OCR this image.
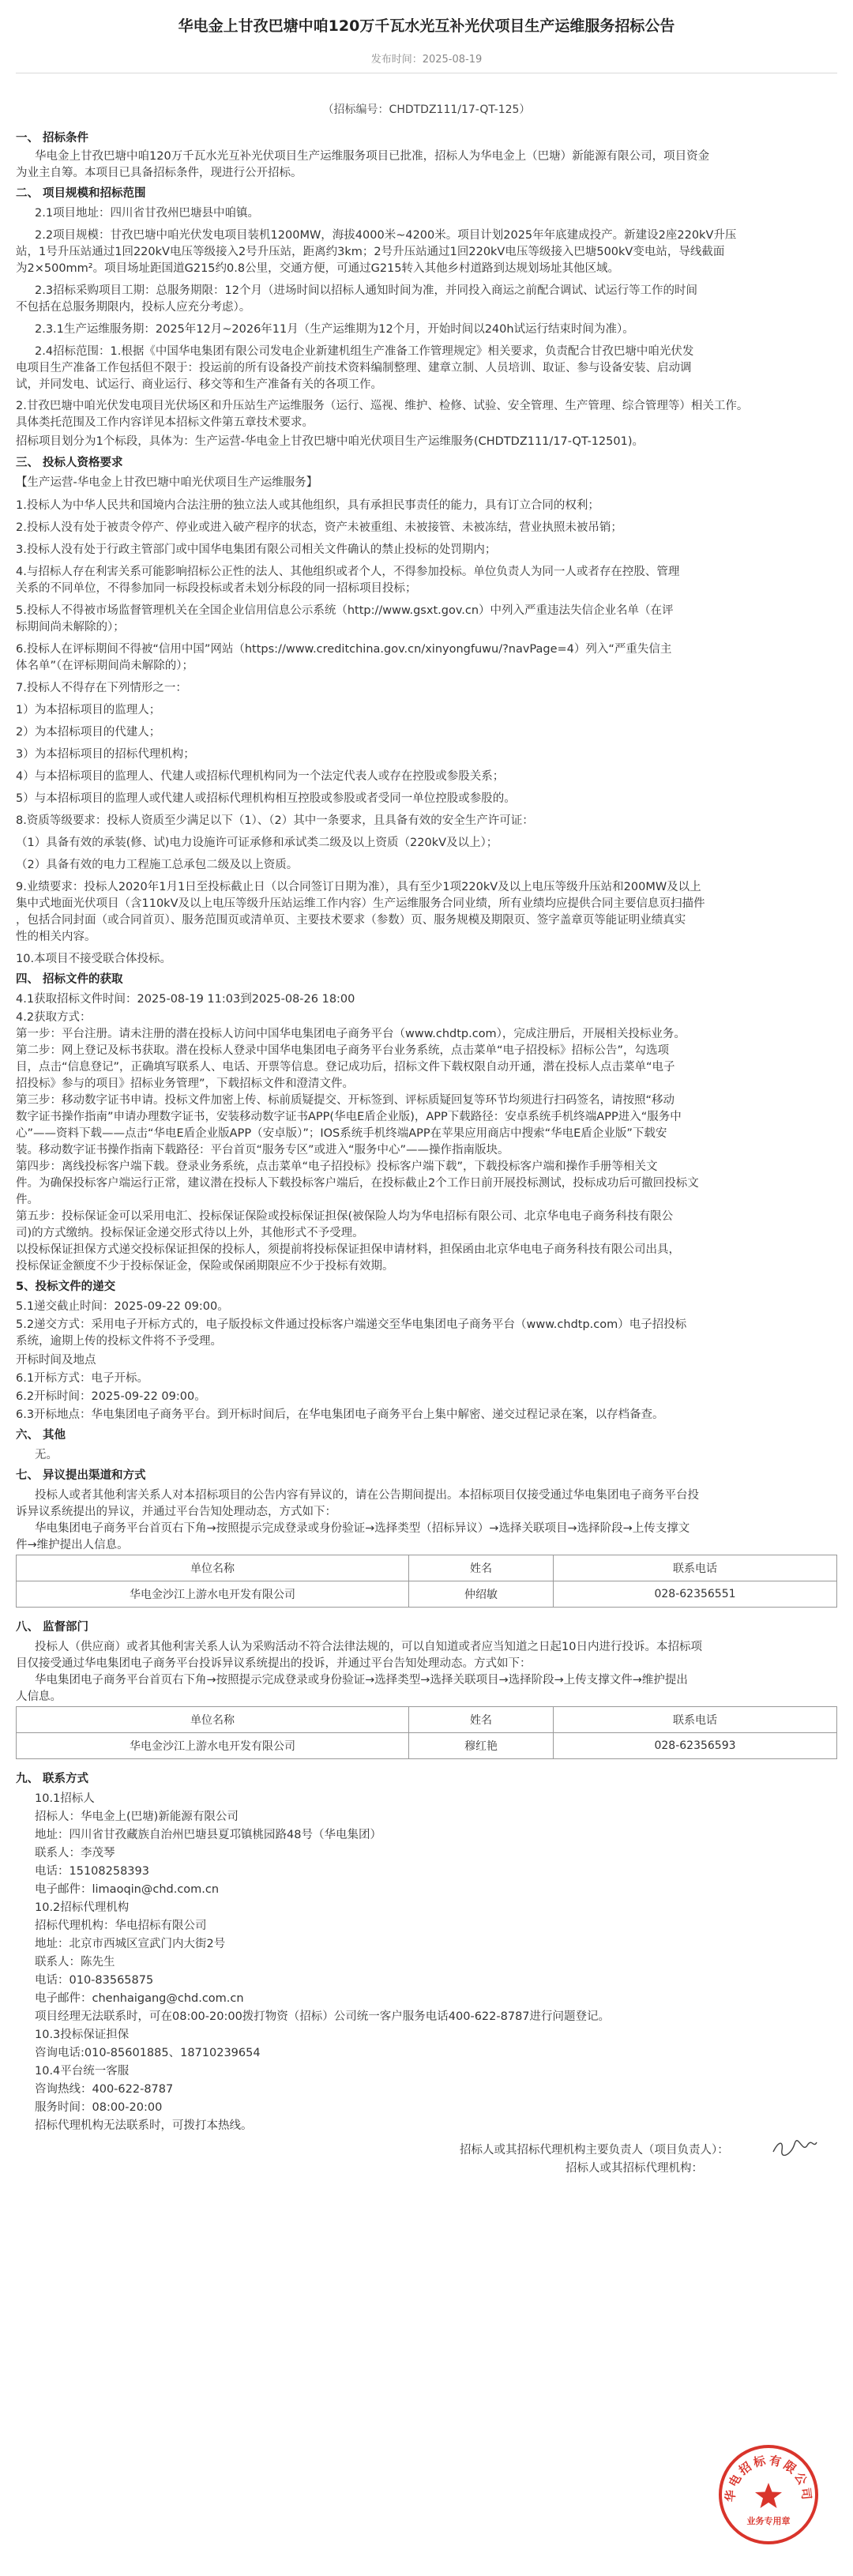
华电金上甘孜巴塘中咱120万千瓦水光互补光伏项目生产运维服务招标公告
发布时间：2025-08-19
（招标编号：CHDTDZ111/17-QT-125）
一、 招标条件
华电金上甘孜巴塘中咱120万千瓦水光互补光伏项目生产运维服务项目已批准，招标人为华电金上（巴塘）新能源有限公司，项目资金
为业主自筹。本项目已具备招标条件，现进行公开招标。
二、 项目规模和招标范围
2.1项目地址：四川省甘孜州巴塘县中咱镇。
2.2项目规模：甘孜巴塘中咱光伏发电项目装机1200MW，海拔4000米~4200米。项目计划2025年年底建成投产。新建设2座220kV升压
站，1号升压站通过1回220kV电压等级接入2号升压站，距离约3km；2号升压站通过1回220kV电压等级接入巴塘500kV变电站，导线截面
为2×500mm²。项目场址距国道G215约0.8公里，交通方便，可通过G215转入其他乡村道路到达规划场址其他区域。
2.3招标采购项目工期：总服务期限：12个月（进场时间以招标人通知时间为准，并同投入商运之前配合调试、试运行等工作的时间
不包括在总服务期限内，投标人应充分考虑）。
2.3.1生产运维服务期：2025年12月~2026年11月（生产运维期为12个月，开始时间以240h试运行结束时间为准）。
2.4招标范围：1.根据《中国华电集团有限公司发电企业新建机组生产准备工作管理规定》相关要求，负责配合甘孜巴塘中咱光伏发
电项目生产准备工作包括但不限于：投运前的所有设备投产前技术资料编制整理、建章立制、人员培训、取证、参与设备安装、启动调
试，并同发电、试运行、商业运行、移交等和生产准备有关的各项工作。
2.甘孜巴塘中咱光伏发电项目光伏场区和升压站生产运维服务（运行、巡视、维护、检修、试验、安全管理、生产管理、综合管理等）相关工作。
具体类托范围及工作内容详见本招标文件第五章技术要求。
招标项目划分为1个标段，具体为：生产运营-华电金上甘孜巴塘中咱光伏项目生产运维服务(CHDTDZ111/17-QT-12501)。
三、 投标人资格要求
【生产运营-华电金上甘孜巴塘中咱光伏项目生产运维服务】
1.投标人为中华人民共和国境内合法注册的独立法人或其他组织，具有承担民事责任的能力，具有订立合同的权利；
2.投标人没有处于被责令停产、停业或进入破产程序的状态，资产未被重组、未被接管、未被冻结，营业执照未被吊销；
3.投标人没有处于行政主管部门或中国华电集团有限公司相关文件确认的禁止投标的处罚期内；
4.与招标人存在利害关系可能影响招标公正性的法人、其他组织或者个人，不得参加投标。单位负责人为同一人或者存在控股、管理
关系的不同单位，不得参加同一标段投标或者未划分标段的同一招标项目投标；
5.投标人不得被市场监督管理机关在全国企业信用信息公示系统（http://www.gsxt.gov.cn）中列入严重违法失信企业名单（在评
标期间尚未解除的）；
6.投标人在评标期间不得被“信用中国”网站（https://www.creditchina.gov.cn/xinyongfuwu/?navPage=4）列入“严重失信主
体名单”（在评标期间尚未解除的）；
7.投标人不得存在下列情形之一：
1）为本招标项目的监理人；
2）为本招标项目的代建人；
3）为本招标项目的招标代理机构；
4）与本招标项目的监理人、代建人或招标代理机构同为一个法定代表人或存在控股或参股关系；
5）与本招标项目的监理人或代建人或招标代理机构相互控股或参股或者受同一单位控股或参股的。
8.资质等级要求：投标人资质至少满足以下（1）、（2）其中一条要求，且具备有效的安全生产许可证：
（1）具备有效的承装(修、试)电力设施许可证承修和承试类二级及以上资质（220kV及以上）；
（2）具备有效的电力工程施工总承包二级及以上资质。
9.业绩要求：投标人2020年1月1日至投标截止日（以合同签订日期为准），具有至少1项220kV及以上电压等级升压站和200MW及以上
集中式地面光伏项目（含110kV及以上电压等级升压站运维工作内容）生产运维服务合同业绩，所有业绩均应提供合同主要信息页扫描件
，包括合同封面（或合同首页）、服务范围页或清单页、主要技术要求（参数）页、服务规模及期限页、签字盖章页等能证明业绩真实
性的相关内容。
10.本项目不接受联合体投标。
四、 招标文件的获取
4.1获取招标文件时间：2025-08-19 11:03到2025-08-26 18:00
4.2获取方式：
第一步：平台注册。请未注册的潜在投标人访问中国华电集团电子商务平台（www.chdtp.com），完成注册后，开展相关投标业务。
第二步：网上登记及标书获取。潜在投标人登录中国华电集团电子商务平台业务系统，点击菜单“电子招投标》招标公告”，勾选项
目，点击“信息登记”，正确填写联系人、电话、开票等信息。登记成功后，招标文件下载权限自动开通，潜在投标人点击菜单“电子
招投标》参与的项目》招标业务管理”，下载招标文件和澄清文件。
第三步：移动数字证书申请。投标文件加密上传、标前质疑提交、开标签到、评标质疑回复等环节均须进行扫码签名，请按照“移动
数字证书操作指南”申请办理数字证书，安装移动数字证书APP(华电E盾企业版)，APP下载路径：安卓系统手机终端APP进入“服务中
心”——资料下载——点击“华电E盾企业版APP（安卓版）”；IOS系统手机终端APP在苹果应用商店中搜索“华电E盾企业版”下载安
装。移动数字证书操作指南下载路径：平台首页“服务专区”或进入“服务中心”——操作指南版块。
第四步：离线投标客户端下载。登录业务系统，点击菜单“电子招投标》投标客户端下载”，下载投标客户端和操作手册等相关文
件。为确保投标客户端运行正常，建议潜在投标人下载投标客户端后，在投标截止2个工作日前开展投标测试，投标成功后可撤回投标文
件。
第五步：投标保证金可以采用电汇、投标保证保险或投标保证担保(被保险人均为华电招标有限公司、北京华电电子商务科技有限公
司)的方式缴纳。投标保证金递交形式待以上外，其他形式不予受理。
以投标保证担保方式递交投标保证担保的投标人，须提前将投标保证担保申请材料，担保函由北京华电电子商务科技有限公司出具，
投标保证金额度不少于投标保证金，保险或保函期限应不少于投标有效期。
5、投标文件的递交
5.1递交截止时间：2025-09-22 09:00。
5.2递交方式：采用电子开标方式的，电子版投标文件通过投标客户端递交至华电集团电子商务平台（www.chdtp.com）电子招投标
系统，逾期上传的投标文件将不予受理。
开标时间及地点
6.1开标方式：电子开标。
6.2开标时间：2025-09-22 09:00。
6.3开标地点：华电集团电子商务平台。到开标时间后，在华电集团电子商务平台上集中解密、递交过程记录在案，以存档备查。
六、 其他
无。
七、 异议提出渠道和方式
投标人或者其他利害关系人对本招标项目的公告内容有异议的，请在公告期间提出。本招标项目仅接受通过华电集团电子商务平台投
诉异议系统提出的异议，并通过平台告知处理动态，方式如下：
华电集团电子商务平台首页右下角→按照提示完成登录或身份验证→选择类型（招标异议）→选择关联项目→选择阶段→上传支撑文
件→维护提出人信息。
八、 监督部门
投标人（供应商）或者其他利害关系人认为采购活动不符合法律法规的，可以自知道或者应当知道之日起10日内进行投诉。本招标项
目仅接受通过华电集团电子商务平台投诉异议系统提出的投诉，并通过平台告知处理动态。方式如下：
华电集团电子商务平台首页右下角→按照提示完成登录或身份验证→选择类型→选择关联项目→选择阶段→上传支撑文件→维护提出
人信息。
九、 联系方式
10.1招标人
招标人：华电金上(巴塘)新能源有限公司
地址：四川省甘孜藏族自治州巴塘县夏邛镇桃园路48号（华电集团）
联系人：李茂琴
电话：15108258393
电子邮件：limaoqin@chd.com.cn
10.2招标代理机构
招标代理机构：华电招标有限公司
地址：北京市西城区宣武门内大街2号
联系人：陈先生
电话：010-83565875
电子邮件：chenhaigang@chd.com.cn
项目经理无法联系时，可在08:00-20:00拨打物资（招标）公司统一客户服务电话400-622-8787进行问题登记。
10.3投标保证担保
咨询电话:010-85601885、18710239654
10.4平台统一客服
咨询热线：400-622-8787
服务时间：08:00-20:00
招标代理机构无法联系时，可拨打本热线。
招标人或其招标代理机构主要负责人（项目负责人）：
招标人或其招标代理机构：
单位名称	姓名	联系电话
华电金沙江上游水电开发有限公司	仲绍敏	028-62356551
单位名称	姓名	联系电话
华电金沙江上游水电开发有限公司	穆红艳	028-62356593
华电招标有限公司
业务专用章
